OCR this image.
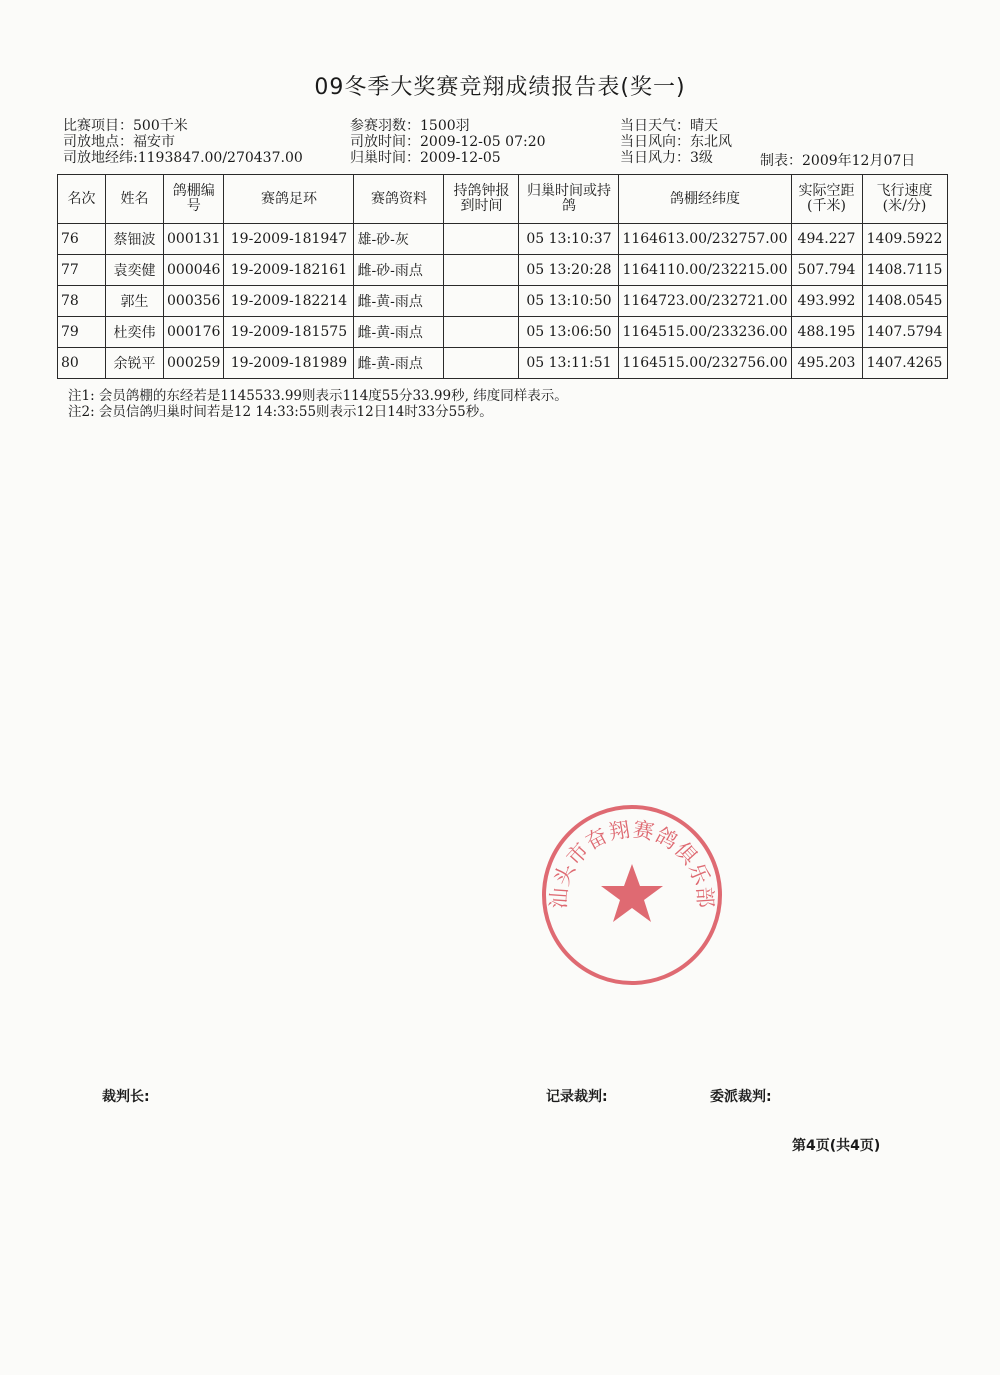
09冬季大奖赛竞翔成绩报告表(奖一)
比赛项目：500千米
司放地点：福安市
司放地经纬:1193847.00/270437.00
参赛羽数：1500羽
司放时间：2009-12-05 07:20
归巢时间：2009-12-05
当日天气：晴天
当日风向：东北风
当日风力：3级	制表：2009年12月07日
名次	姓名	鸽棚编号	赛鸽足环	赛鸽资料	持鸽钟报到时间	归巢时间或持鸽	鸽棚经纬度	实际空距(千米)	飞行速度(米/分)
76	蔡钿波	000131	19-2009-181947	雄-砂-灰		05 13:10:37	1164613.00/232757.00	494.227	1409.5922
77	袁奕健	000046	19-2009-182161	雌-砂-雨点		05 13:20:28	1164110.00/232215.00	507.794	1408.7115
78	郭生	000356	19-2009-182214	雌-黄-雨点		05 13:10:50	1164723.00/232721.00	493.992	1408.0545
79	杜奕伟	000176	19-2009-181575	雌-黄-雨点		05 13:06:50	1164515.00/233236.00	488.195	1407.5794
80	余锐平	000259	19-2009-181989	雌-黄-雨点		05 13:11:51	1164515.00/232756.00	495.203	1407.4265
注1: 会员鸽棚的东经若是1145533.99则表示114度55分33.99秒, 纬度同样表示。
注2: 会员信鸽归巢时间若是12 14:33:55则表示12日14时33分55秒。
汕头市奋翔赛鸽俱乐部
裁判长:	记录裁判:	委派裁判:
第4页(共4页)
